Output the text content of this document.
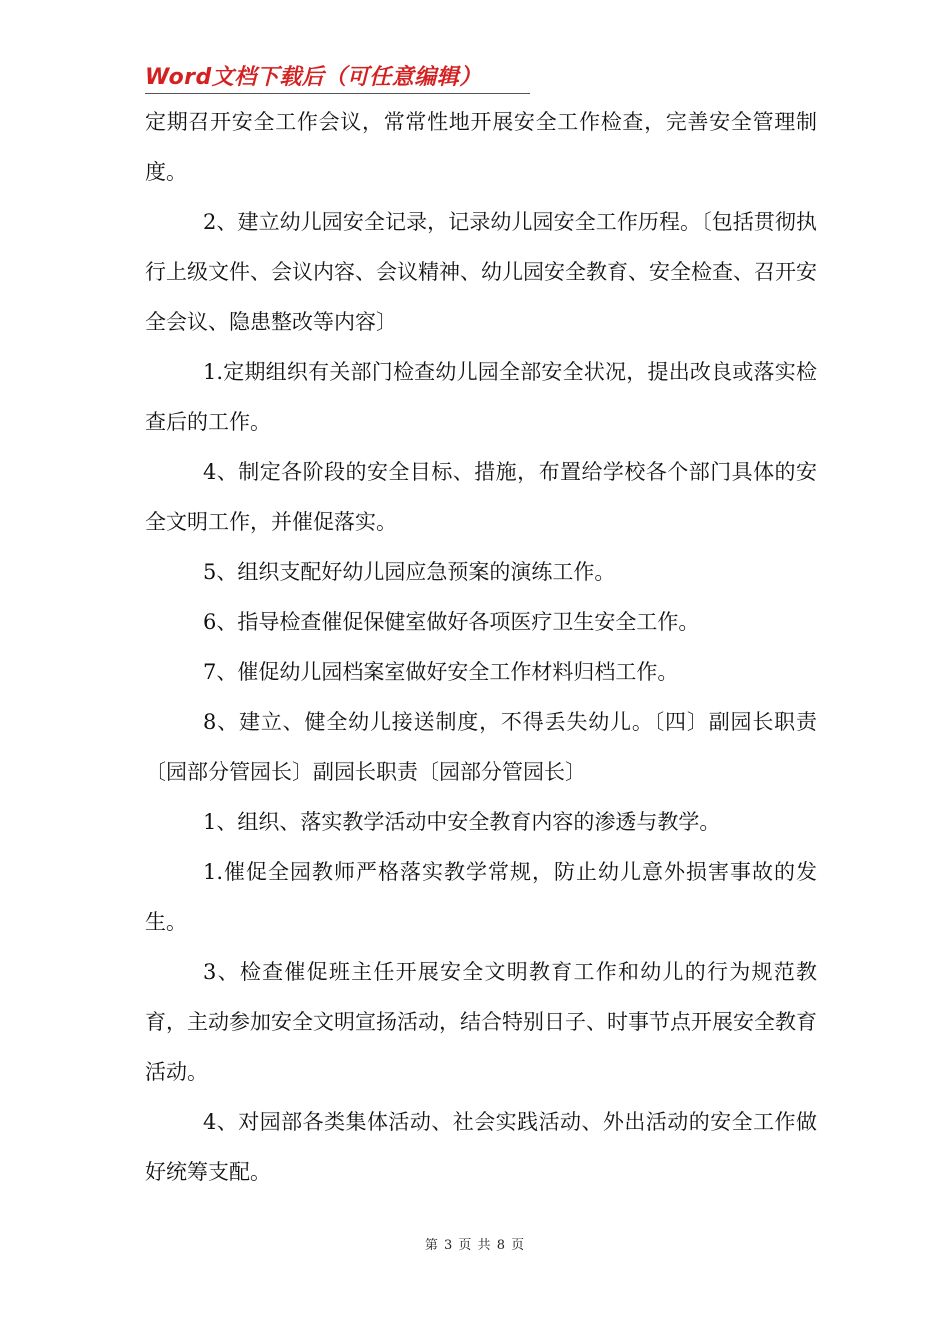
Word文档下载后（可任意编辑）

定期召开安全工作会议，常常性地开展安全工作检查，完善安全管理制度。

2、建立幼儿园安全记录，记录幼儿园安全工作历程。〔包括贯彻执行上级文件、会议内容、会议精神、幼儿园安全教育、安全检查、召开安全会议、隐患整改等内容〕

1.定期组织有关部门检查幼儿园全部安全状况，提出改良或落实检查后的工作。

4、制定各阶段的安全目标、措施，布置给学校各个部门具体的安全文明工作，并催促落实。

5、组织支配好幼儿园应急预案的演练工作。

6、指导检查催促保健室做好各项医疗卫生安全工作。

7、催促幼儿园档案室做好安全工作材料归档工作。

8、建立、健全幼儿接送制度，不得丢失幼儿。〔四〕副园长职责〔园部分管园长〕副园长职责〔园部分管园长〕

1、组织、落实教学活动中安全教育内容的渗透与教学。

1.催促全园教师严格落实教学常规，防止幼儿意外损害事故的发生。

3、检查催促班主任开展安全文明教育工作和幼儿的行为规范教育，主动参加安全文明宣扬活动，结合特别日子、时事节点开展安全教育活动。

4、对园部各类集体活动、社会实践活动、外出活动的安全工作做好统筹支配。

第 3 页 共 8 页
